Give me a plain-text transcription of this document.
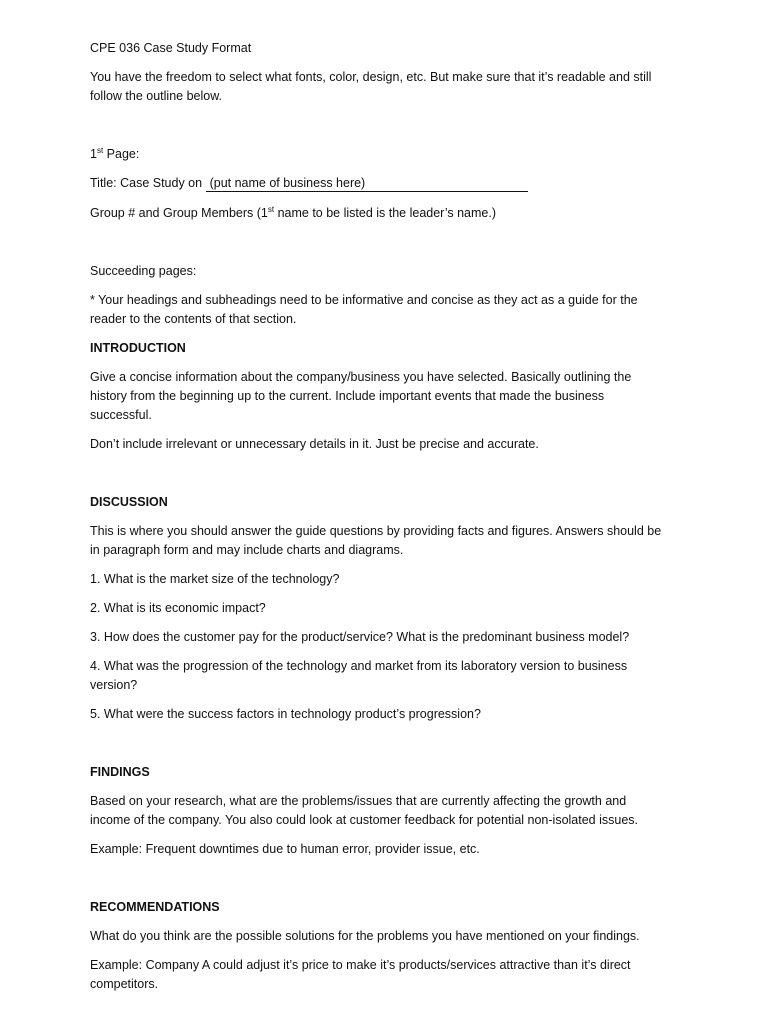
CPE 036 Case Study Format
You have the freedom to select what fonts, color, design, etc. But make sure that it’s readable and still
follow the outline below.
1st Page:
Title: Case Study on (put name of business here)
Group # and Group Members (1st name to be listed is the leader’s name.)
Succeeding pages:
* Your headings and subheadings need to be informative and concise as they act as a guide for the
reader to the contents of that section.
INTRODUCTION
Give a concise information about the company/business you have selected. Basically outlining the
history from the beginning up to the current. Include important events that made the business
successful.
Don’t include irrelevant or unnecessary details in it. Just be precise and accurate.
DISCUSSION
This is where you should answer the guide questions by providing facts and figures. Answers should be
in paragraph form and may include charts and diagrams.
1. What is the market size of the technology?
2. What is its economic impact?
3. How does the customer pay for the product/service? What is the predominant business model?
4. What was the progression of the technology and market from its laboratory version to business
version?
5. What were the success factors in technology product’s progression?
FINDINGS
Based on your research, what are the problems/issues that are currently affecting the growth and
income of the company. You also could look at customer feedback for potential non-isolated issues.
Example: Frequent downtimes due to human error, provider issue, etc.
RECOMMENDATIONS
What do you think are the possible solutions for the problems you have mentioned on your findings.
Example: Company A could adjust it’s price to make it’s products/services attractive than it’s direct
competitors.
